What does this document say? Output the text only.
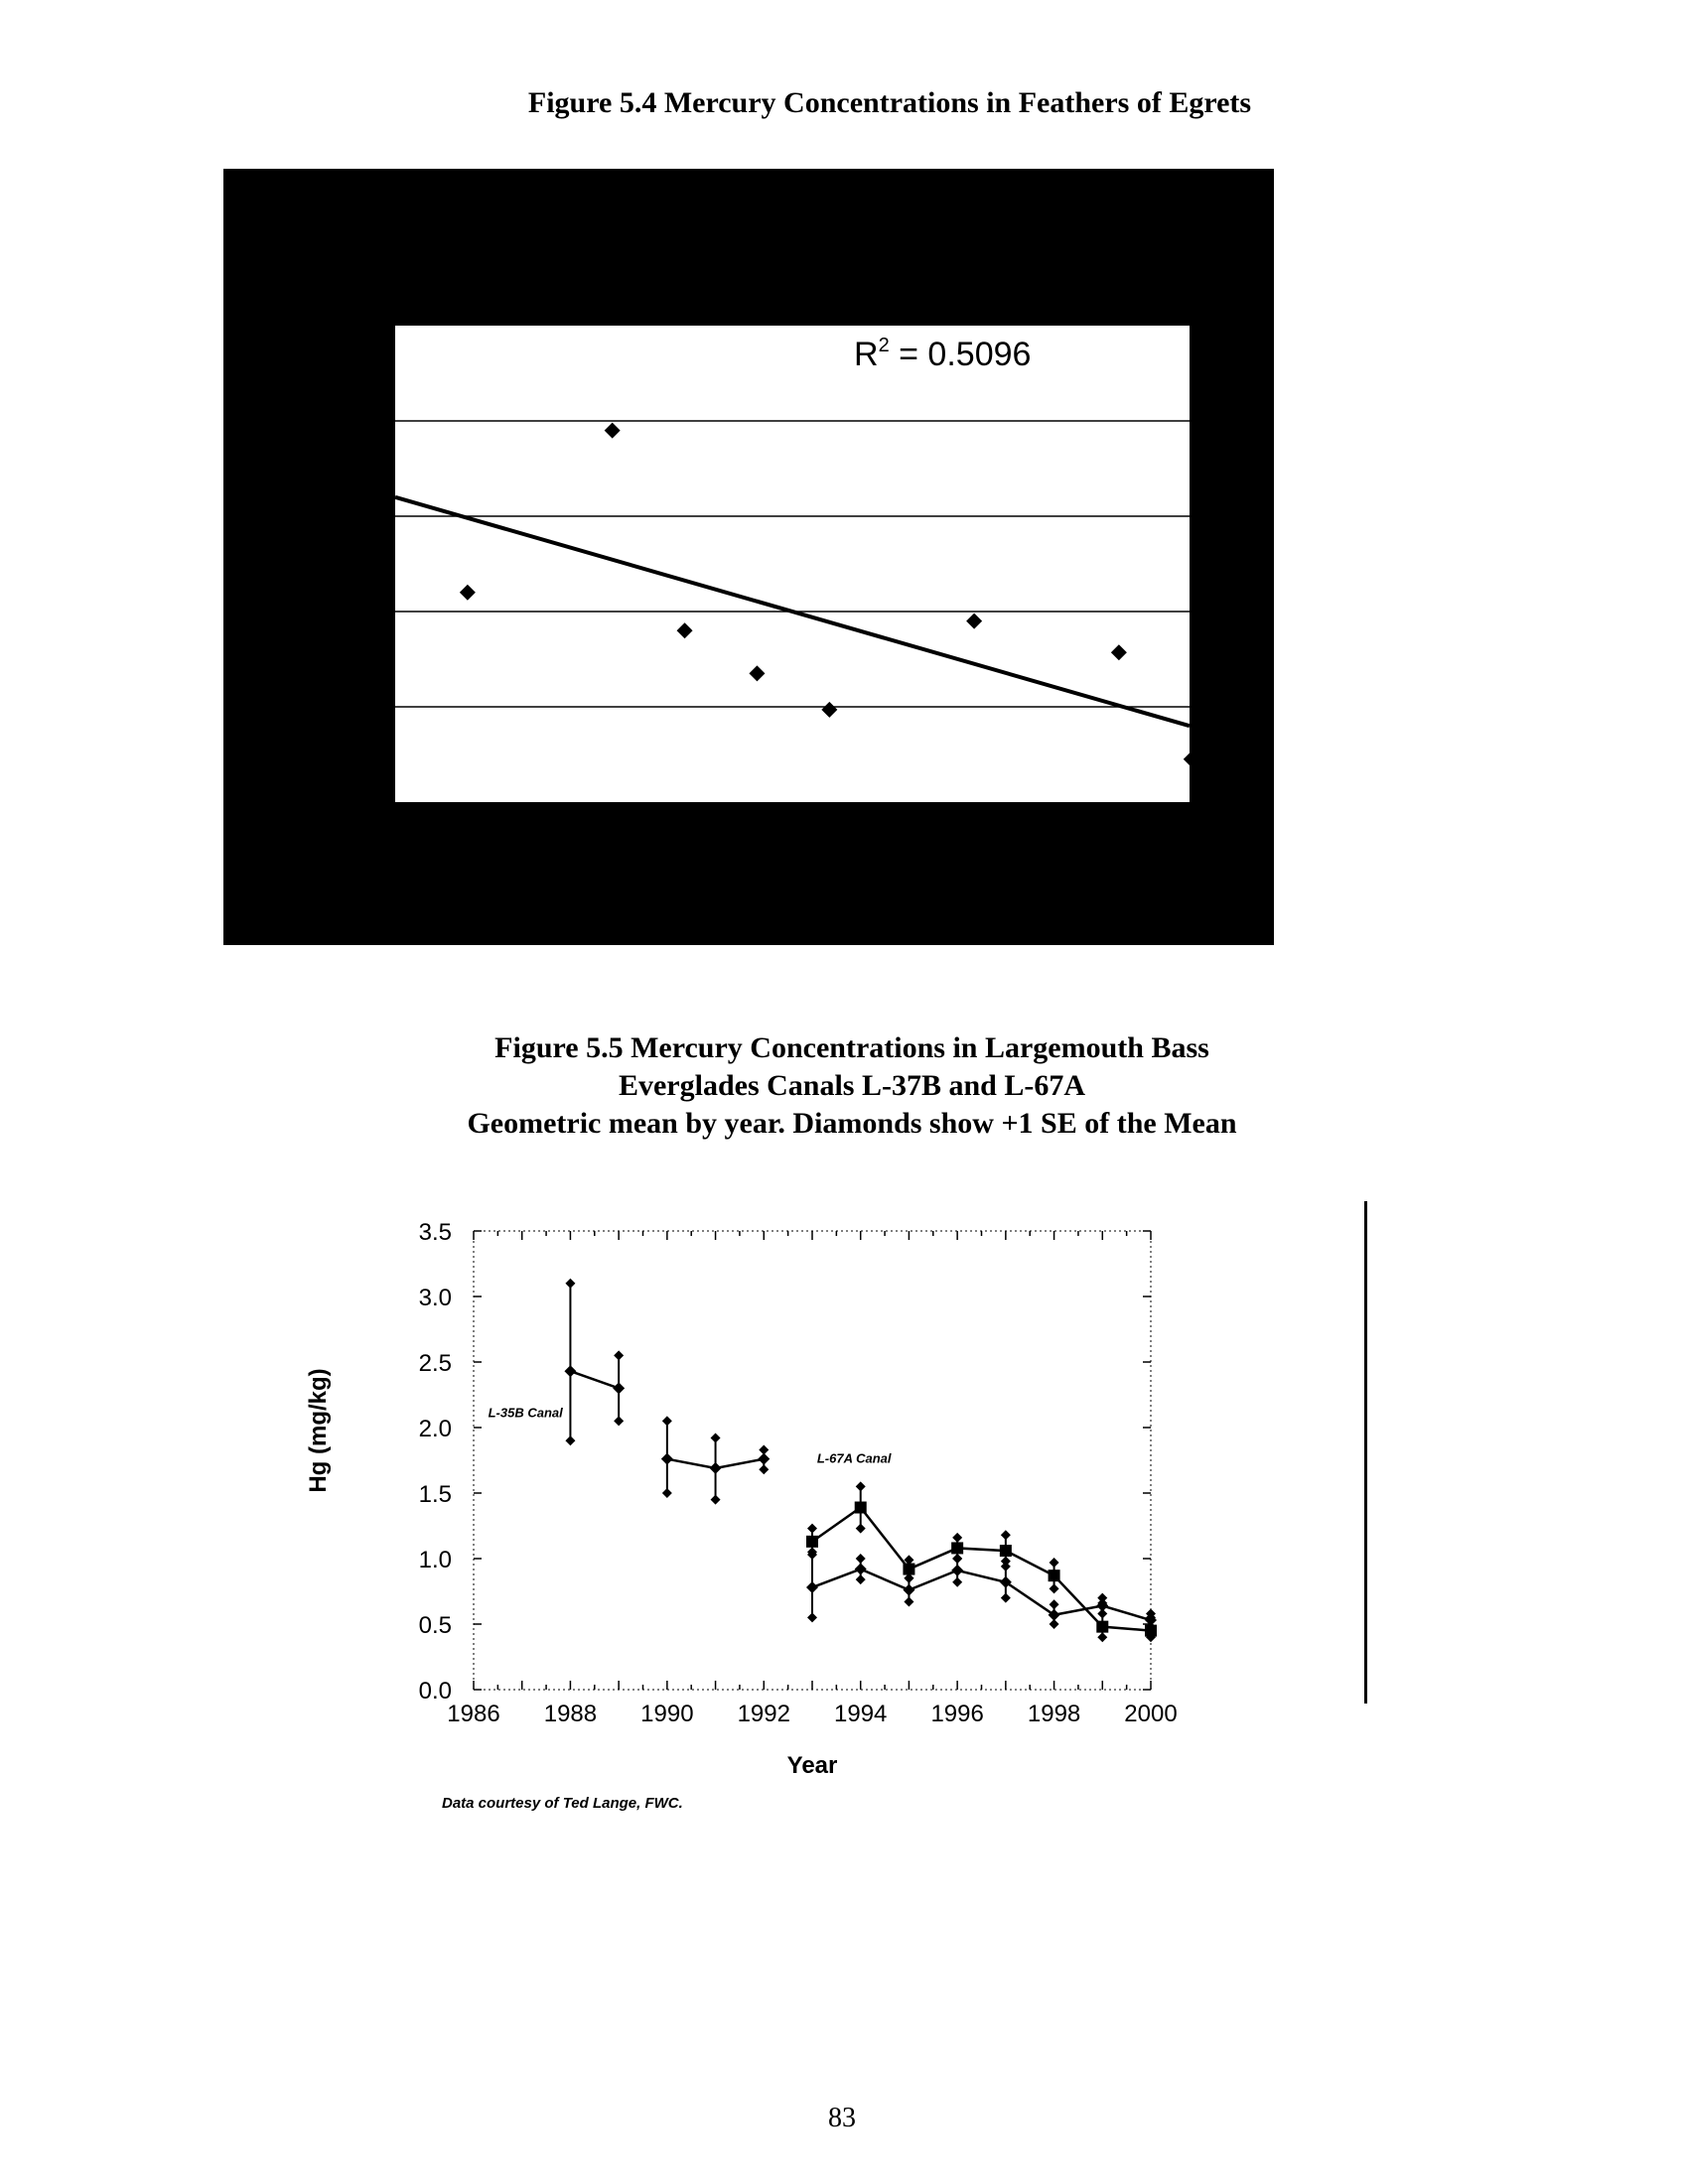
Figure 5.4 Mercury Concentrations in Feathers of Egrets
$R^2 = 0.5096$
Figure 5.5 Mercury Concentrations in Largemouth Bass
Everglades Canals L-37B and L-67A
Geometric mean by year. Diamonds show +1 SE of the Mean
1986 1988 1990 1992 1994 1996 1998 2000
0.0
0.5
1.0
1.5
2.0
2.5
3.0
3.5
Year
Hg (mg/kg)	L-35B Canal
L-67A Canal
Data courtesy of Ted Lange, FWC.
83
